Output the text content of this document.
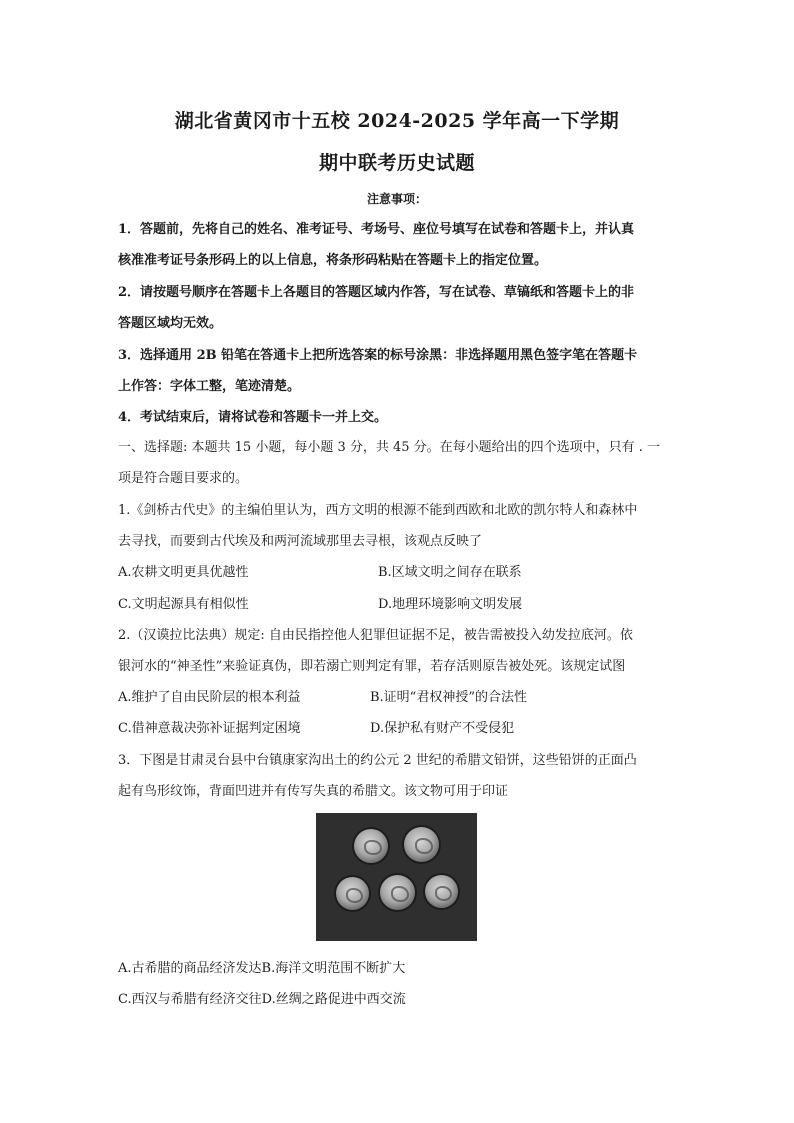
湖北省黄冈市十五校 2024-2025 学年高一下学期
期中联考历史试题
注意事项：
1．答题前，先将自己的姓名、准考证号、考场号、座位号填写在试卷和答题卡上，并认真
核准准考证号条形码上的以上信息，将条形码粘贴在答题卡上的指定位置。
2．请按题号顺序在答题卡上各题目的答题区域内作答，写在试卷、草镐纸和答题卡上的非
答题区域均无效。
3．选择通用 2B 铅笔在答通卡上把所选答案的标号涂黑：非选择题用黑色签字笔在答题卡
上作答：字体工整，笔迹清楚。
4．考试结束后，请将试卷和答题卡一并上交。
一、选择题: 本题共 15 小题，每小题 3 分，共 45 分。在每小题给出的四个选项中，只有 . 一
项是符合题目要求的。
1.《剑桥古代史》的主编伯里认为，西方文明的根源不能到西欧和北欧的凯尔特人和森林中
去寻找，而要到古代埃及和两河流域那里去寻根，该观点反映了
A.农耕文明更具优越性	B.区域文明之间存在联系
C.文明起源具有相似性	D.地理环境影响文明发展
2.（汉谟拉比法典）规定: 自由民指控他人犯罪但证据不足，被告需被投入幼发拉底河。依
银河水的“神圣性”来验证真伪，即若溺亡则判定有罪，若存活则原告被处死。该规定试图
A.维护了自由民阶层的根本利益	B.证明“君权神授”的合法性
C.借神意裁决弥补证据判定困境	D.保护私有财产不受侵犯
3．下图是甘肃灵台县中台镇康家沟出土的约公元 2 世纪的希腊文铅饼，这些铅饼的正面凸
起有鸟形纹饰，背面凹进并有传写失真的希腊文。该文物可用于印证
A.古希腊的商品经济发达B.海洋文明范围不断扩大
C.西汉与希腊有经济交往D.丝绸之路促进中西交流
